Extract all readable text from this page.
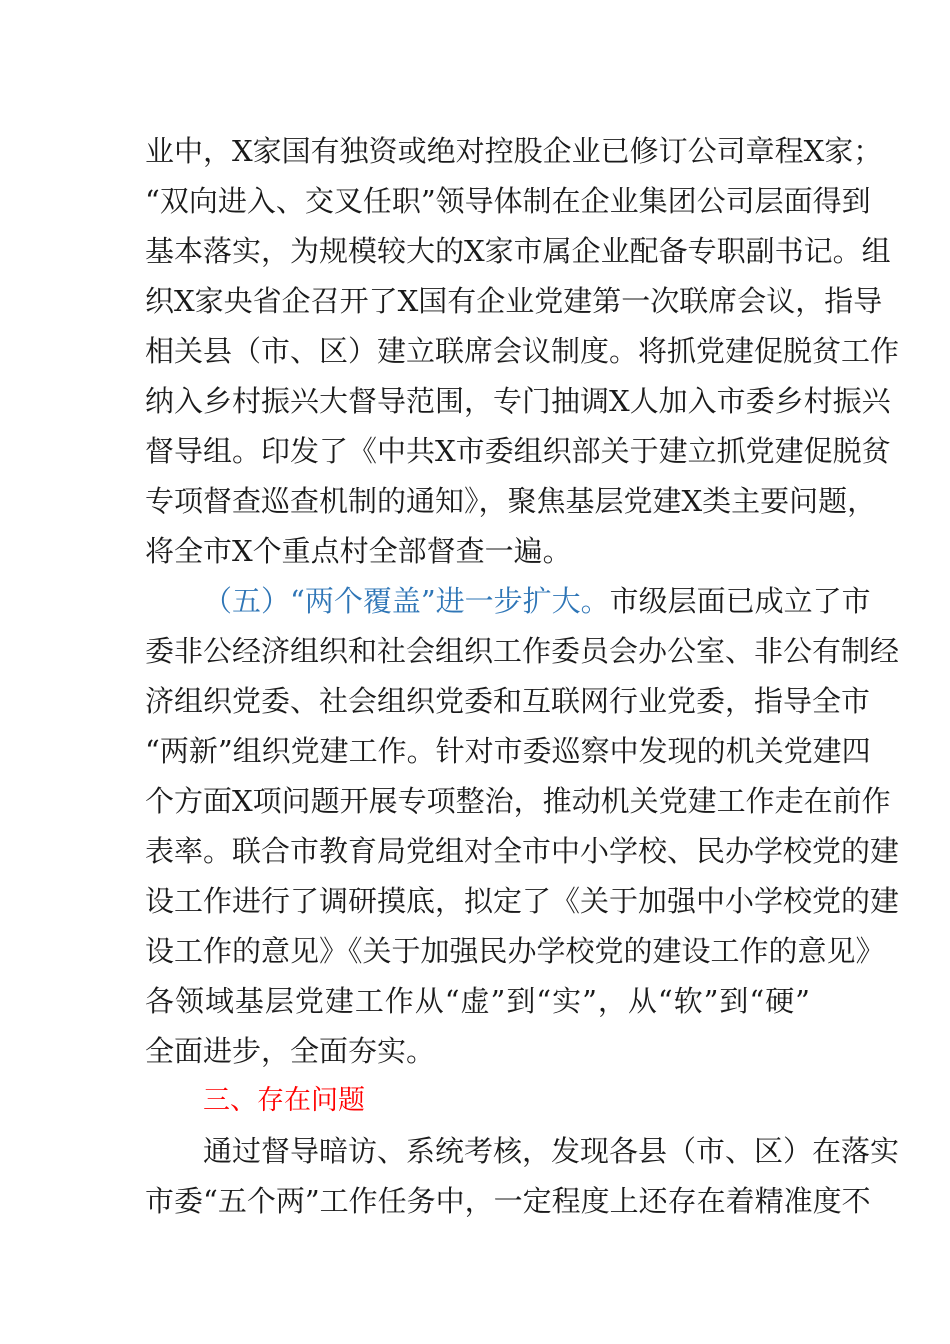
业中，X家国有独资或绝对控股企业已修订公司章程X家；
“双向进入、交叉任职”领导体制在企业集团公司层面得到
基本落实，为规模较大的X家市属企业配备专职副书记。组
织X家央省企召开了X国有企业党建第一次联席会议，指导
相关县（市、区）建立联席会议制度。将抓党建促脱贫工作
纳入乡村振兴大督导范围，专门抽调X人加入市委乡村振兴
督导组。印发了《中共X市委组织部关于建立抓党建促脱贫
专项督查巡查机制的通知》，聚焦基层党建X类主要问题，
将全市X个重点村全部督查一遍。
（五）“两个覆盖”进一步扩大。市级层面已成立了市
委非公经济组织和社会组织工作委员会办公室、非公有制经
济组织党委、社会组织党委和互联网行业党委，指导全市
“两新”组织党建工作。针对市委巡察中发现的机关党建四
个方面X项问题开展专项整治，推动机关党建工作走在前作
表率。联合市教育局党组对全市中小学校、民办学校党的建
设工作进行了调研摸底，拟定了《关于加强中小学校党的建
设工作的意见》《关于加强民办学校党的建设工作的意见》
各领域基层党建工作从“虚”到“实”，从“软”到“硬”
全面进步，全面夯实。
三、存在问题
通过督导暗访、系统考核，发现各县（市、区）在落实
市委“五个两”工作任务中，一定程度上还存在着精准度不
